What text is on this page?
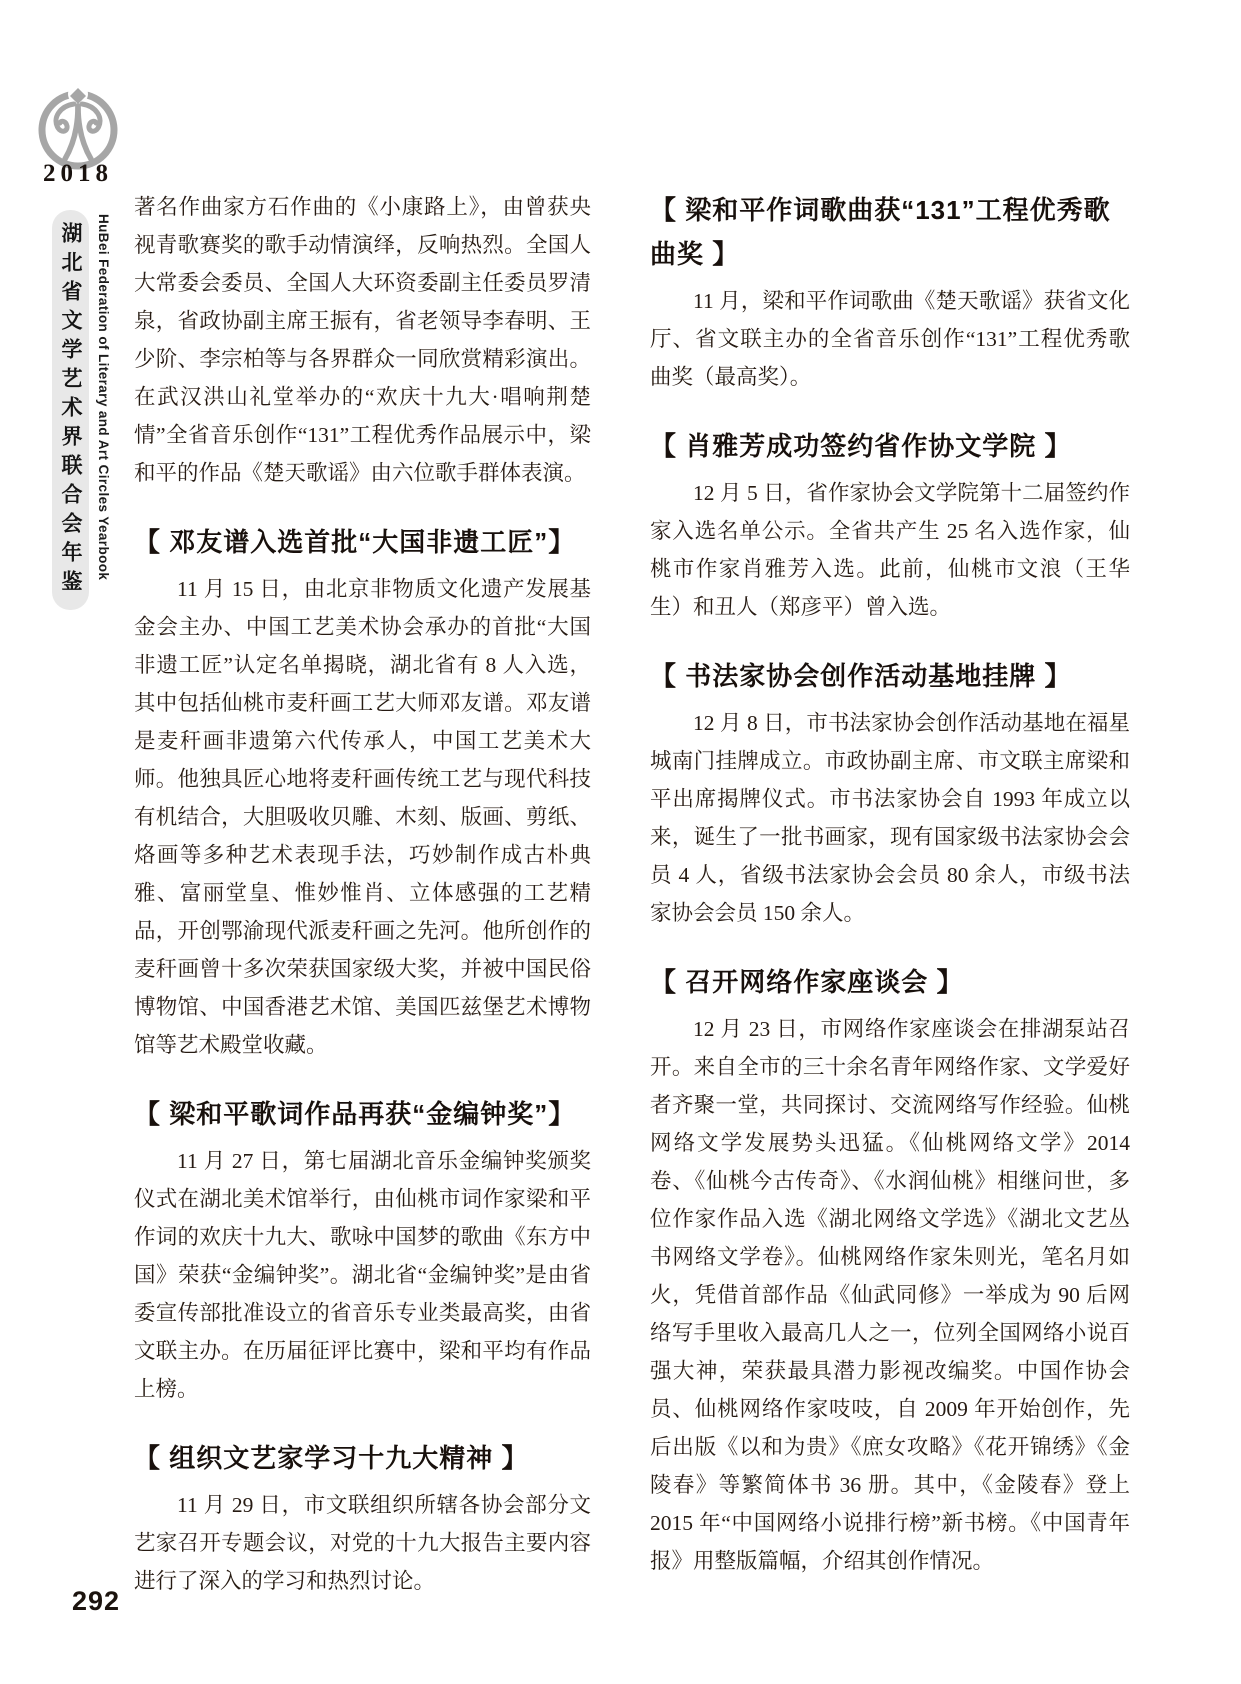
2018
湖北省文学艺术界联合会年鉴	HuBei Federation of Literary and Art Circles Yearbook
著名作曲家方石作曲的《小康路上》，由曾获央视青歌赛奖的歌手动情演绎，反响热烈。全国人大常委会委员、全国人大环资委副主任委员罗清泉，省政协副主席王振有，省老领导李春明、王少阶、李宗柏等与各界群众一同欣赏精彩演出。在武汉洪山礼堂举办的“欢庆十九大·唱响荆楚情”全省音乐创作“131”工程优秀作品展示中，梁和平的作品《楚天歌谣》由六位歌手群体表演。
【 邓友谱入选首批“大国非遗工匠”】
11 月 15 日，由北京非物质文化遗产发展基金会主办、中国工艺美术协会承办的首批“大国非遗工匠”认定名单揭晓，湖北省有 8 人入选，其中包括仙桃市麦秆画工艺大师邓友谱。邓友谱是麦秆画非遗第六代传承人，中国工艺美术大师。他独具匠心地将麦秆画传统工艺与现代科技有机结合，大胆吸收贝雕、木刻、版画、剪纸、烙画等多种艺术表现手法，巧妙制作成古朴典雅、富丽堂皇、惟妙惟肖、立体感强的工艺精品，开创鄂渝现代派麦秆画之先河。他所创作的麦秆画曾十多次荣获国家级大奖，并被中国民俗博物馆、中国香港艺术馆、美国匹兹堡艺术博物馆等艺术殿堂收藏。
【 梁和平歌词作品再获“金编钟奖”】
11 月 27 日，第七届湖北音乐金编钟奖颁奖仪式在湖北美术馆举行，由仙桃市词作家梁和平作词的欢庆十九大、歌咏中国梦的歌曲《东方中国》荣获“金编钟奖”。湖北省“金编钟奖”是由省委宣传部批准设立的省音乐专业类最高奖，由省文联主办。在历届征评比赛中，梁和平均有作品上榜。
【 组织文艺家学习十九大精神 】
11 月 29 日，市文联组织所辖各协会部分文艺家召开专题会议，对党的十九大报告主要内容进行了深入的学习和热烈讨论。
【 梁和平作词歌曲获“131”工程优秀歌曲奖 】
11 月，梁和平作词歌曲《楚天歌谣》获省文化厅、省文联主办的全省音乐创作“131”工程优秀歌曲奖（最高奖）。
【 肖雅芳成功签约省作协文学院 】
12 月 5 日，省作家协会文学院第十二届签约作家入选名单公示。全省共产生 25 名入选作家，仙桃市作家肖雅芳入选。此前，仙桃市文浪（王华生）和丑人（郑彦平）曾入选。
【 书法家协会创作活动基地挂牌 】
12 月 8 日，市书法家协会创作活动基地在福星城南门挂牌成立。市政协副主席、市文联主席梁和平出席揭牌仪式。市书法家协会自 1993 年成立以来，诞生了一批书画家，现有国家级书法家协会会员 4 人，省级书法家协会会员 80 余人，市级书法家协会会员 150 余人。
【 召开网络作家座谈会 】
12 月 23 日，市网络作家座谈会在排湖泵站召开。来自全市的三十余名青年网络作家、文学爱好者齐聚一堂，共同探讨、交流网络写作经验。仙桃网络文学发展势头迅猛。《仙桃网络文学》2014 卷、《仙桃今古传奇》、《水润仙桃》相继问世，多位作家作品入选《湖北网络文学选》《湖北文艺丛书网络文学卷》。仙桃网络作家朱则光，笔名月如火，凭借首部作品《仙武同修》一举成为 90 后网络写手里收入最高几人之一，位列全国网络小说百强大神，荣获最具潜力影视改编奖。中国作协会员、仙桃网络作家吱吱，自 2009 年开始创作，先后出版《以和为贵》《庶女攻略》《花开锦绣》《金陵春》等繁简体书 36 册。其中，《金陵春》登上 2015 年“中国网络小说排行榜”新书榜。《中国青年报》用整版篇幅，介绍其创作情况。
292
